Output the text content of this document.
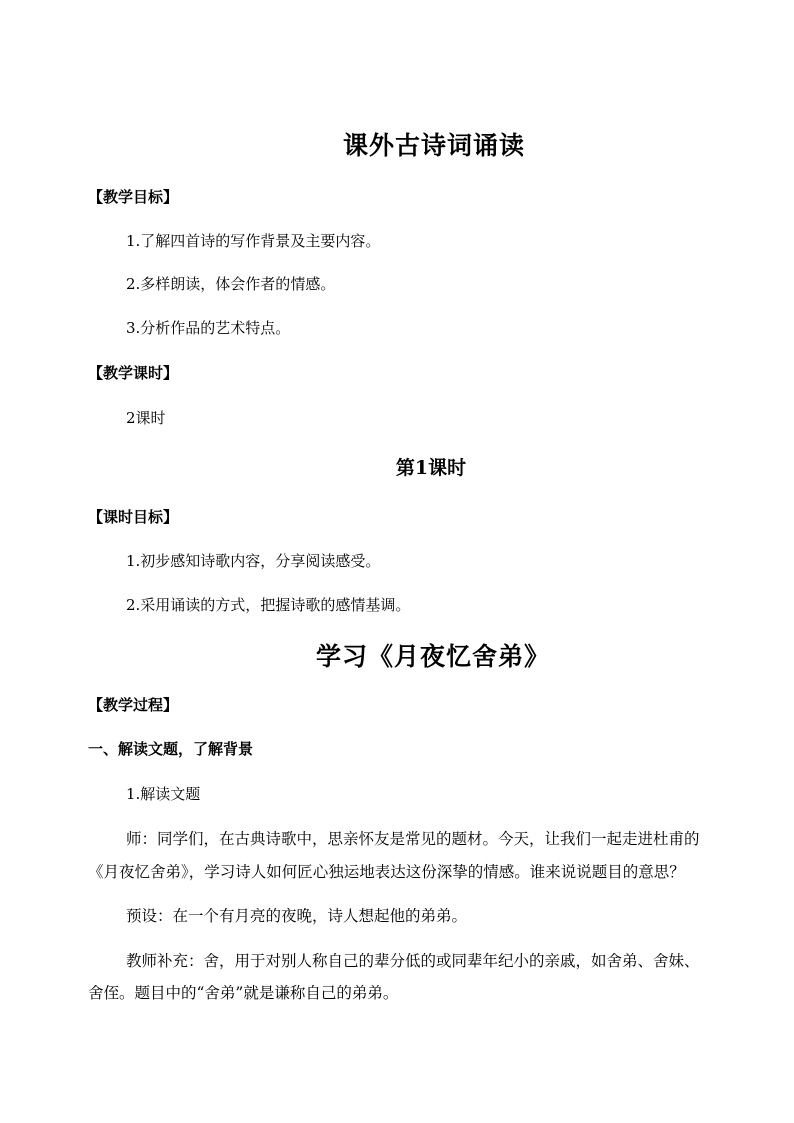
课外古诗词诵读
【教学目标】
1.了解四首诗的写作背景及主要内容。
2.多样朗读，体会作者的情感。
3.分析作品的艺术特点。
【教学课时】
2课时
第1课时
【课时目标】
1.初步感知诗歌内容，分享阅读感受。
2.采用诵读的方式，把握诗歌的感情基调。
学习《月夜忆舍弟》
【教学过程】
一、解读文题，了解背景
1.解读文题
师：同学们，在古典诗歌中，思亲怀友是常见的题材。今天，让我们一起走进杜甫的
《月夜忆舍弟》，学习诗人如何匠心独运地表达这份深挚的情感。谁来说说题目的意思？
预设：在一个有月亮的夜晚，诗人想起他的弟弟。
教师补充：舍，用于对别人称自己的辈分低的或同辈年纪小的亲戚，如舍弟、舍妹、
舍侄。题目中的“舍弟”就是谦称自己的弟弟。
